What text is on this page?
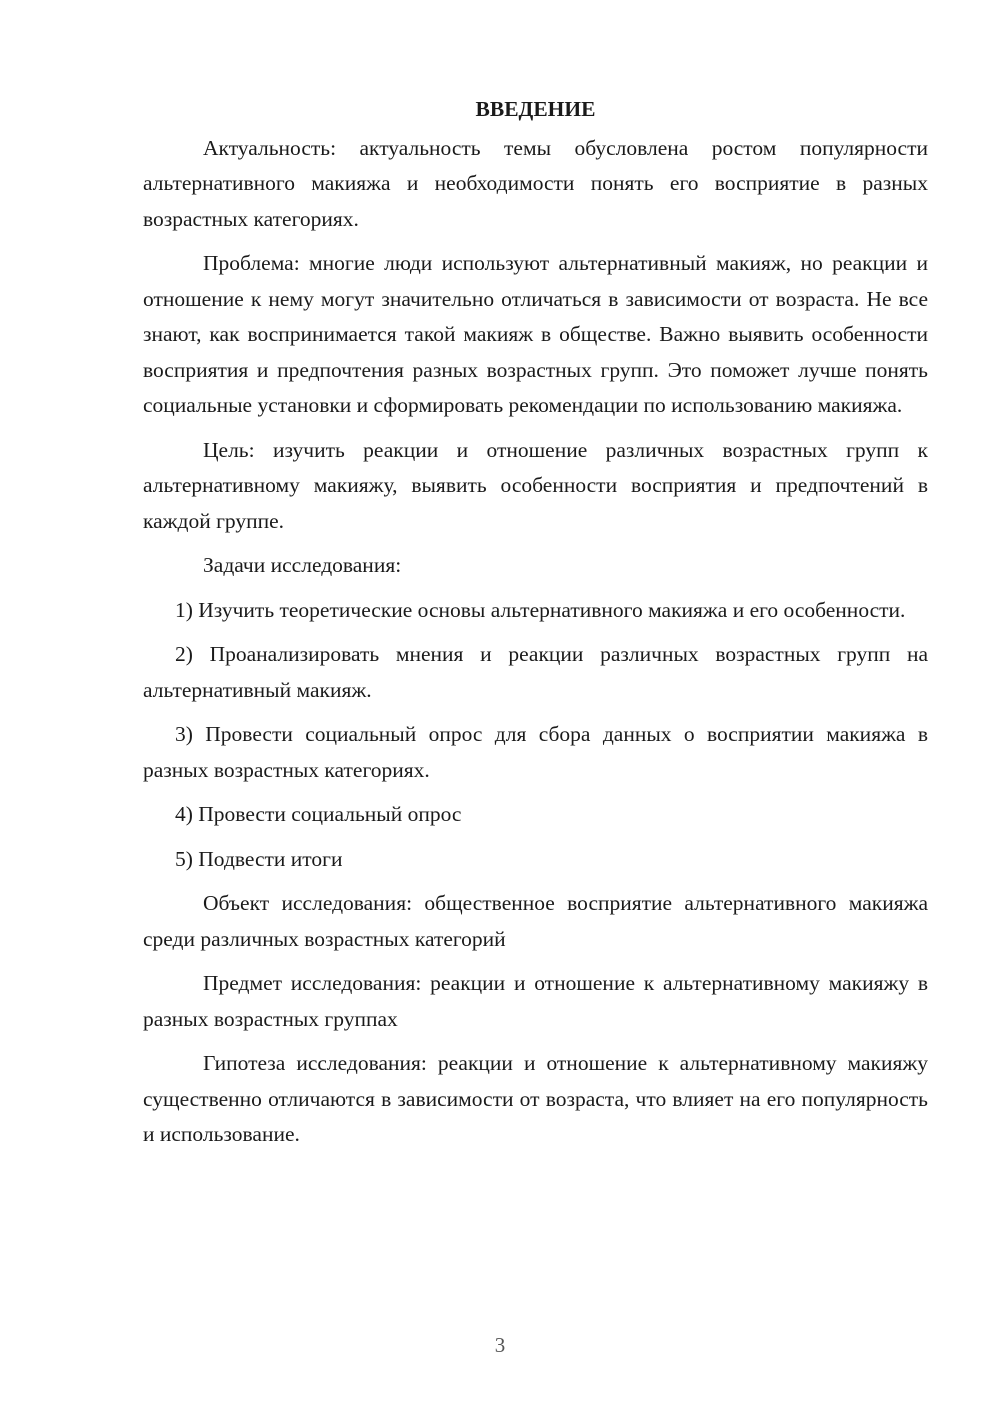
ВВЕДЕНИЕ

Актуальность: актуальность темы обусловлена ростом популярности альтернативного макияжа и необходимости понять его восприятие в разных возрастных категориях.

Проблема: многие люди используют альтернативный макияж, но реакции и отношение к нему могут значительно отличаться в зависимости от возраста. Не все знают, как воспринимается такой макияж в обществе. Важно выявить особенности восприятия и предпочтения разных возрастных групп. Это поможет лучше понять социальные установки и сформировать рекомендации по использованию макияжа.

Цель: изучить реакции и отношение различных возрастных групп к альтернативному макияжу, выявить особенности восприятия и предпочтений в каждой группе.

Задачи исследования:

1) Изучить теоретические основы альтернативного макияжа и его особенности.

2) Проанализировать мнения и реакции различных возрастных групп на альтернативный макияж.

3) Провести социальный опрос для сбора данных о восприятии макияжа в разных возрастных категориях.

4) Провести социальный опрос

5) Подвести итоги

Объект исследования: общественное восприятие альтернативного макияжа среди различных возрастных категорий

Предмет исследования: реакции и отношение к альтернативному макияжу в разных возрастных группах

Гипотеза исследования: реакции и отношение к альтернативному макияжу существенно отличаются в зависимости от возраста, что влияет на его популярность и использование.

3
